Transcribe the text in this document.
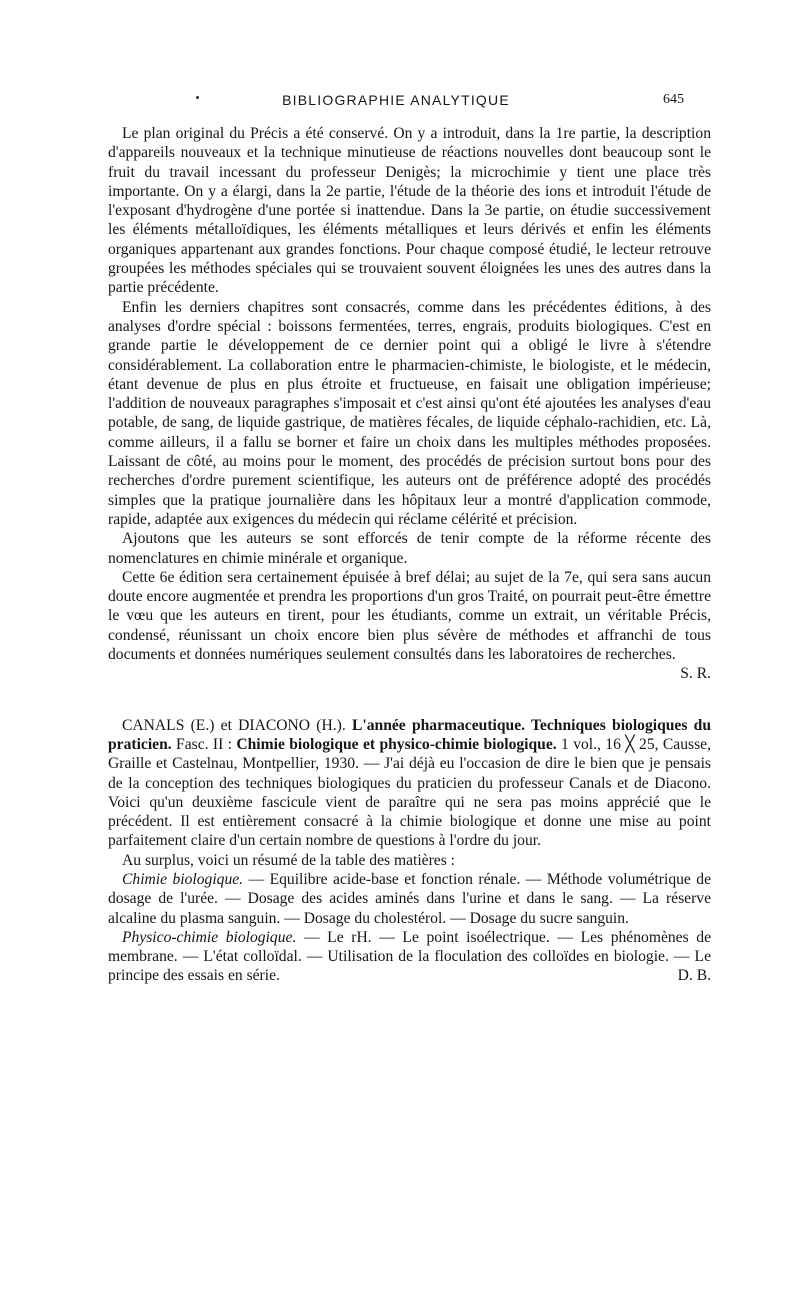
BIBLIOGRAPHIE ANALYTIQUE	645

Le plan original du Précis a été conservé. On y a introduit, dans la 1re partie, la description d'appareils nouveaux et la technique minutieuse de réactions nouvelles dont beaucoup sont le fruit du travail incessant du professeur Denigès; la microchimie y tient une place très importante. On y a élargi, dans la 2e partie, l'étude de la théorie des ions et introduit l'étude de l'exposant d'hydrogène d'une portée si inattendue. Dans la 3e partie, on étudie successivement les éléments métalloïdiques, les éléments métalliques et leurs dérivés et enfin les éléments organiques appartenant aux grandes fonctions. Pour chaque composé étudié, le lecteur retrouve groupées les méthodes spéciales qui se trouvaient souvent éloignées les unes des autres dans la partie précédente.

Enfin les derniers chapitres sont consacrés, comme dans les précédentes éditions, à des analyses d'ordre spécial : boissons fermentées, terres, engrais, produits biologiques. C'est en grande partie le développement de ce dernier point qui a obligé le livre à s'étendre considérablement. La collaboration entre le pharmacien-chimiste, le biologiste, et le médecin, étant devenue de plus en plus étroite et fructueuse, en faisait une obligation impérieuse; l'addition de nouveaux paragraphes s'imposait et c'est ainsi qu'ont été ajoutées les analyses d'eau potable, de sang, de liquide gastrique, de matières fécales, de liquide céphalo-rachidien, etc. Là, comme ailleurs, il a fallu se borner et faire un choix dans les multiples méthodes proposées. Laissant de côté, au moins pour le moment, des procédés de précision surtout bons pour des recherches d'ordre purement scientifique, les auteurs ont de préférence adopté des procédés simples que la pratique journalière dans les hôpitaux leur a montré d'application commode, rapide, adaptée aux exigences du médecin qui réclame célérité et précision.

Ajoutons que les auteurs se sont efforcés de tenir compte de la réforme récente des nomenclatures en chimie minérale et organique.

Cette 6e édition sera certainement épuisée à bref délai; au sujet de la 7e, qui sera sans aucun doute encore augmentée et prendra les proportions d'un gros Traité, on pourrait peut-être émettre le vœu que les auteurs en tirent, pour les étudiants, comme un extrait, un véritable Précis, condensé, réunissant un choix encore bien plus sévère de méthodes et affranchi de tous documents et données numériques seulement consultés dans les laboratoires de recherches.
S. R.

CANALS (E.) et DIACONO (H.). L'année pharmaceutique. Techniques biologiques du praticien. Fasc. II : Chimie biologique et physico-chimie biologique. 1 vol., 16 ╳ 25, Causse, Graille et Castelnau, Montpellier, 1930. — J'ai déjà eu l'occasion de dire le bien que je pensais de la conception des techniques biologiques du praticien du professeur Canals et de Diacono. Voici qu'un deuxième fascicule vient de paraître qui ne sera pas moins apprécié que le précédent. Il est entièrement consacré à la chimie biologique et donne une mise au point parfaitement claire d'un certain nombre de questions à l'ordre du jour.

Au surplus, voici un résumé de la table des matières :

Chimie biologique. — Equilibre acide-base et fonction rénale. — Méthode volumétrique de dosage de l'urée. — Dosage des acides aminés dans l'urine et dans le sang. — La réserve alcaline du plasma sanguin. — Dosage du cholestérol. — Dosage du sucre sanguin.

Physico-chimie biologique. — Le rH. — Le point isoélectrique. — Les phénomènes de membrane. — L'état colloïdal. — Utilisation de la floculation des colloïdes en biologie. — Le principe des essais en série.	D. B.
